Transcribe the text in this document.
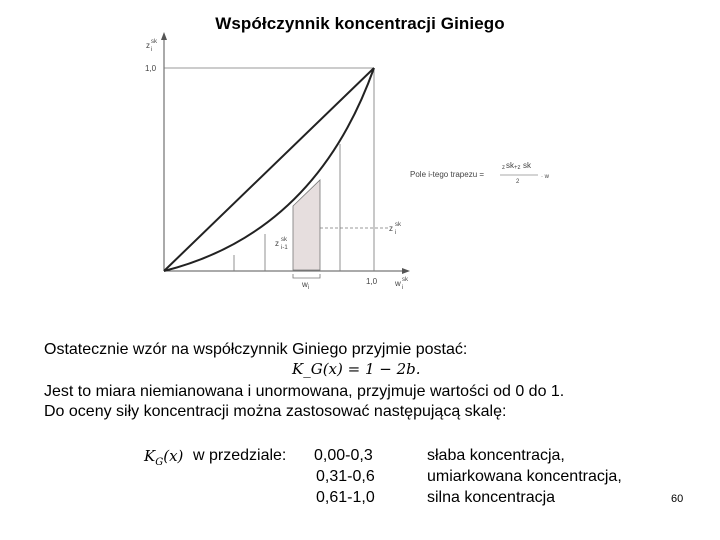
Współczynnik koncentracji Giniego
z sk
i
1,0
1,0 w sk
i
Pole i-tego trapezu =
z sk +z sk
2
· w
z sk
i
z sk
i-1
w i
Ostatecznie wzór na współczynnik Giniego przyjmie postać:
K_G(x) = 1 − 2b.
Jest to miara niemianowana i unormowana, przyjmuje wartości od 0 do 1.
Do oceny siły koncentracji można zastosować następującą skalę:
$K_G(x)$ w przedziale: 0,00-0,3	słaba koncentracja,
0,31-0,6	umiarkowana koncentracja,
0,61-1,0	silna koncentracja	60
